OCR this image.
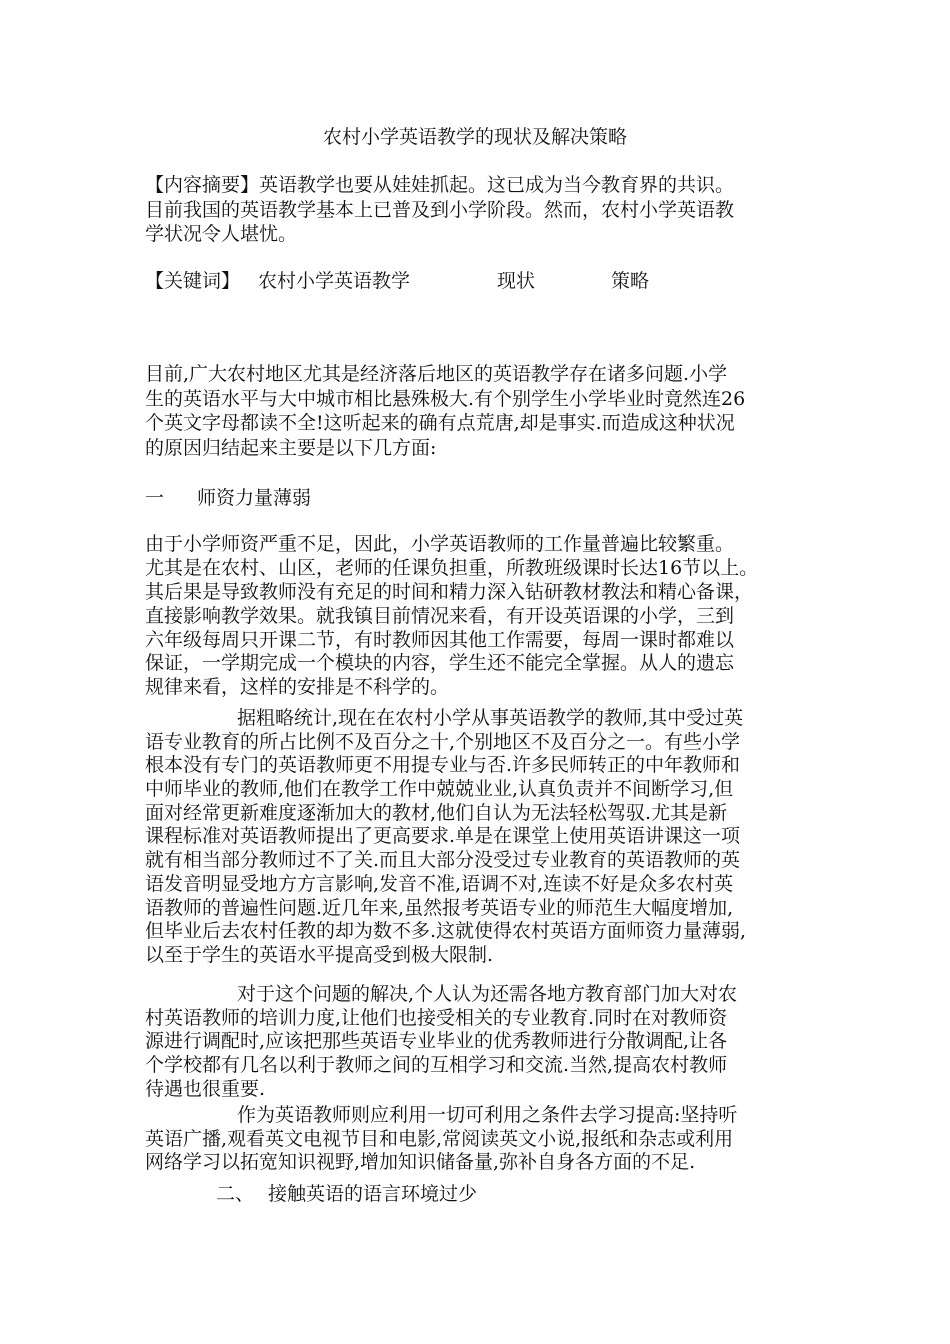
农村小学英语教学的现状及解决策略
【内容摘要】英语教学也要从娃娃抓起。这已成为当今教育界的共识。
目前我国的英语教学基本上已普及到小学阶段。然而，农村小学英语教
学状况令人堪忧。
【关键词】 农村小学英语教学	现状	策略
目前,广大农村地区尤其是经济落后地区的英语教学存在诸多问题.小学
生的英语水平与大中城市相比悬殊极大.有个别学生小学毕业时竟然连26
个英文字母都读不全!这听起来的确有点荒唐,却是事实.而造成这种状况
的原因归结起来主要是以下几方面:
一 师资力量薄弱
由于小学师资严重不足，因此，小学英语教师的工作量普遍比较繁重。
尤其是在农村、山区，老师的任课负担重，所教班级课时长达16节以上。
其后果是导致教师没有充足的时间和精力深入钻研教材教法和精心备课，
直接影响教学效果。就我镇目前情况来看，有开设英语课的小学，三到
六年级每周只开课二节，有时教师因其他工作需要，每周一课时都难以
保证，一学期完成一个模块的内容，学生还不能完全掌握。从人的遗忘
规律来看，这样的安排是不科学的。
据粗略统计,现在在农村小学从事英语教学的教师,其中受过英
语专业教育的所占比例不及百分之十,个别地区不及百分之一。有些小学
根本没有专门的英语教师更不用提专业与否.许多民师转正的中年教师和
中师毕业的教师,他们在教学工作中兢兢业业,认真负责并不间断学习,但
面对经常更新难度逐渐加大的教材,他们自认为无法轻松驾驭.尤其是新
课程标准对英语教师提出了更高要求.单是在课堂上使用英语讲课这一项
就有相当部分教师过不了关.而且大部分没受过专业教育的英语教师的英
语发音明显受地方方言影响,发音不准,语调不对,连读不好是众多农村英
语教师的普遍性问题.近几年来,虽然报考英语专业的师范生大幅度增加,
但毕业后去农村任教的却为数不多.这就使得农村英语方面师资力量薄弱,
以至于学生的英语水平提高受到极大限制.
对于这个问题的解决,个人认为还需各地方教育部门加大对农
村英语教师的培训力度,让他们也接受相关的专业教育.同时在对教师资
源进行调配时,应该把那些英语专业毕业的优秀教师进行分散调配,让各
个学校都有几名以利于教师之间的互相学习和交流.当然,提高农村教师
待遇也很重要.
作为英语教师则应利用一切可利用之条件去学习提高:坚持听
英语广播,观看英文电视节目和电影,常阅读英文小说,报纸和杂志或利用
网络学习以拓宽知识视野,增加知识储备量,弥补自身各方面的不足.
二、 接触英语的语言环境过少
